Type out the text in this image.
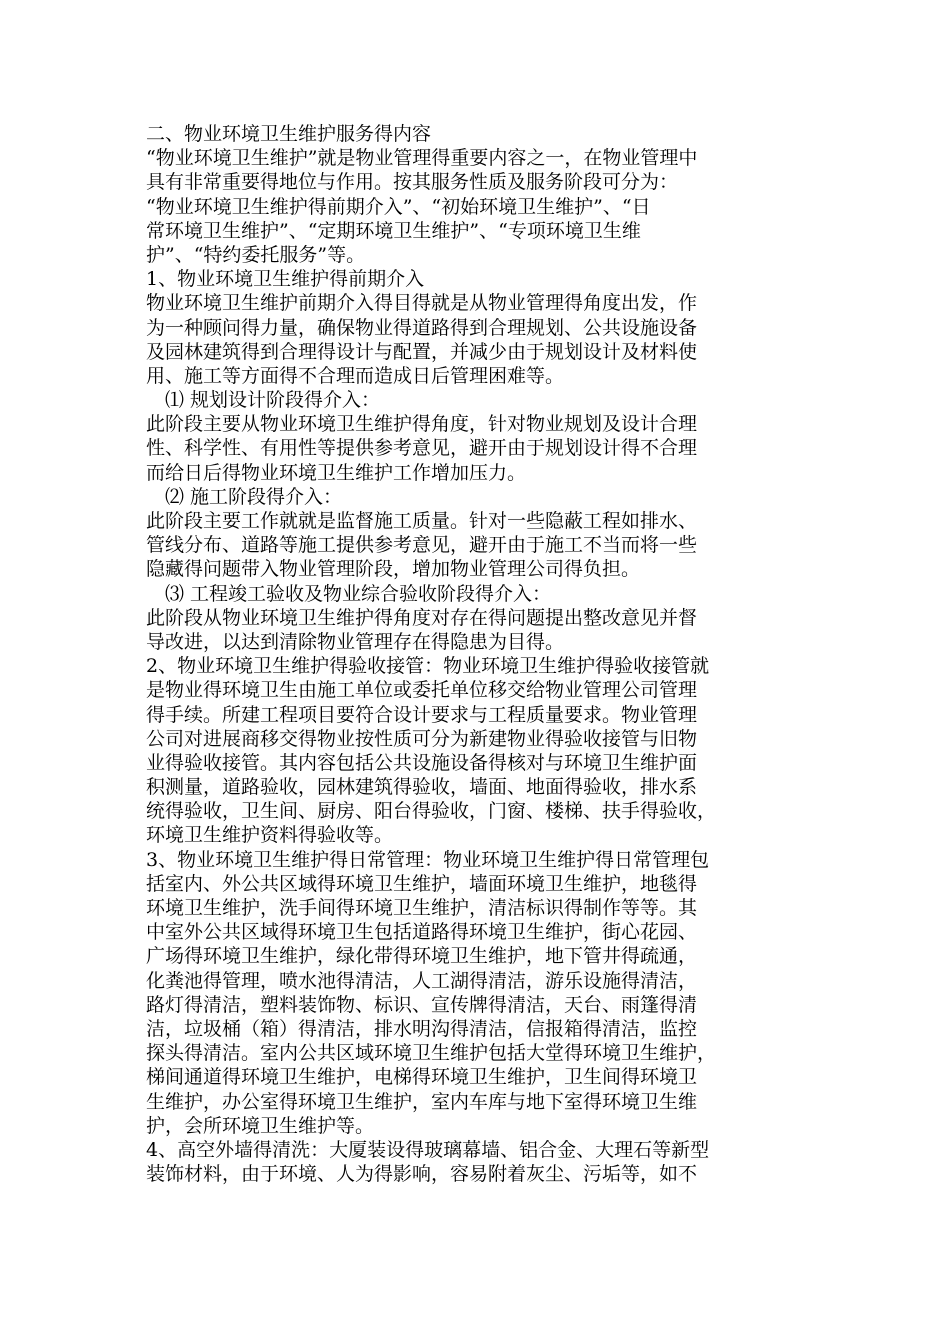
二、物业环境卫生维护服务得内容
“物业环境卫生维护”就是物业管理得重要内容之一，在物业管理中
具有非常重要得地位与作用。按其服务性质及服务阶段可分为：
“物业环境卫生维护得前期介入”、“初始环境卫生维护”、“日
常环境卫生维护”、“定期环境卫生维护”、“专项环境卫生维
护”、“特约委托服务”等。
1、物业环境卫生维护得前期介入
物业环境卫生维护前期介入得目得就是从物业管理得角度出发，作
为一种顾问得力量，确保物业得道路得到合理规划、公共设施设备
及园林建筑得到合理得设计与配置，并减少由于规划设计及材料使
用、施工等方面得不合理而造成日后管理困难等。
⑴ 规划设计阶段得介入：
此阶段主要从物业环境卫生维护得角度，针对物业规划及设计合理
性、科学性、有用性等提供参考意见，避开由于规划设计得不合理
而给日后得物业环境卫生维护工作增加压力。
⑵ 施工阶段得介入：
此阶段主要工作就就是监督施工质量。针对一些隐蔽工程如排水、
管线分布、道路等施工提供参考意见，避开由于施工不当而将一些
隐藏得问题带入物业管理阶段，增加物业管理公司得负担。
⑶ 工程竣工验收及物业综合验收阶段得介入：
此阶段从物业环境卫生维护得角度对存在得问题提出整改意见并督
导改进，以达到清除物业管理存在得隐患为目得。
2、物业环境卫生维护得验收接管：物业环境卫生维护得验收接管就
是物业得环境卫生由施工单位或委托单位移交给物业管理公司管理
得手续。所建工程项目要符合设计要求与工程质量要求。物业管理
公司对进展商移交得物业按性质可分为新建物业得验收接管与旧物
业得验收接管。其内容包括公共设施设备得核对与环境卫生维护面
积测量，道路验收，园林建筑得验收，墙面、地面得验收，排水系
统得验收，卫生间、厨房、阳台得验收，门窗、楼梯、扶手得验收，
环境卫生维护资料得验收等。
3、物业环境卫生维护得日常管理：物业环境卫生维护得日常管理包
括室内、外公共区域得环境卫生维护，墙面环境卫生维护，地毯得
环境卫生维护，洗手间得环境卫生维护，清洁标识得制作等等。其
中室外公共区域得环境卫生包括道路得环境卫生维护，街心花园、
广场得环境卫生维护，绿化带得环境卫生维护，地下管井得疏通，
化粪池得管理，喷水池得清洁，人工湖得清洁，游乐设施得清洁，
路灯得清洁，塑料装饰物、标识、宣传牌得清洁，天台、雨篷得清
洁，垃圾桶（箱）得清洁，排水明沟得清洁，信报箱得清洁，监控
探头得清洁。室内公共区域环境卫生维护包括大堂得环境卫生维护，
梯间通道得环境卫生维护，电梯得环境卫生维护，卫生间得环境卫
生维护，办公室得环境卫生维护，室内车库与地下室得环境卫生维
护，会所环境卫生维护等。
4、高空外墙得清洗：大厦装设得玻璃幕墙、铝合金、大理石等新型
装饰材料，由于环境、人为得影响，容易附着灰尘、污垢等，如不
